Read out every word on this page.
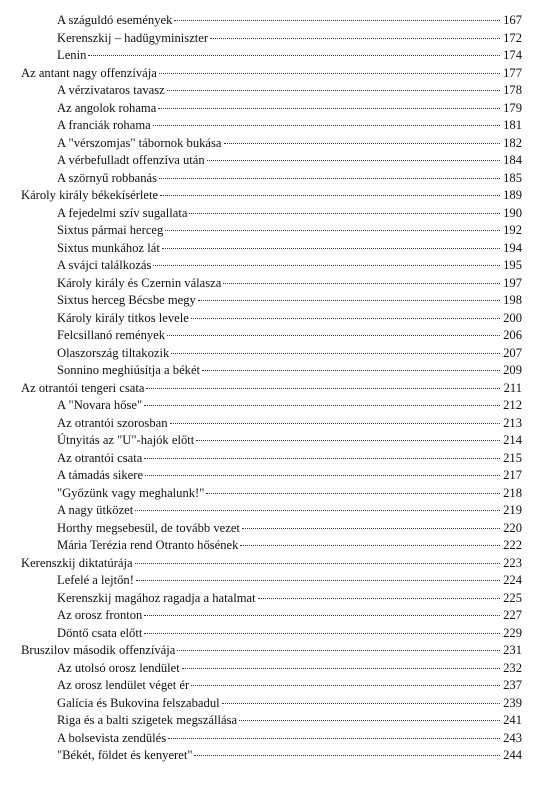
A száguldó események	167
Kerenszkij – hadügyminiszter	172
Lenin	174
Az antant nagy offenzívája	177
A vérzivataros tavasz	178
Az angolok rohama	179
A franciák rohama	181
A "vérszomjas" tábornok bukása	182
A vérbefulladt offenzíva után	184
A szörnyű robbanás	185
Károly király békekísérlete	189
A fejedelmi szív sugallata	190
Sixtus pármai herceg	192
Sixtus munkához lát	194
A svájci találkozás	195
Károly király és Czernin válasza	197
Sixtus herceg Bécsbe megy	198
Károly király titkos levele	200
Felcsillanó remények	206
Olaszország tiltakozik	207
Sonnino meghiúsítja a békét	209
Az otrantói tengeri csata	211
A "Novara hőse"	212
Az otrantói szorosban	213
Útnyitás az "U"-hajók előtt	214
Az otrantói csata	215
A támadás sikere	217
"Győzünk vagy meghalunk!"	218
A nagy ütközet	219
Horthy megsebesül, de tovább vezet	220
Mária Terézia rend Otranto hősének	222
Kerenszkij diktatúrája	223
Lefelé a lejtőn!	224
Kerenszkij magához ragadja a hatalmat	225
Az orosz fronton	227
Döntő csata előtt	229
Bruszilov második offenzívája	231
Az utolsó orosz lendület	232
Az orosz lendület véget ér	237
Galícia és Bukovina felszabadul	239
Riga és a balti szigetek megszállása	241
A bolsevista zendülés	243
"Békét, földet és kenyeret"	244
